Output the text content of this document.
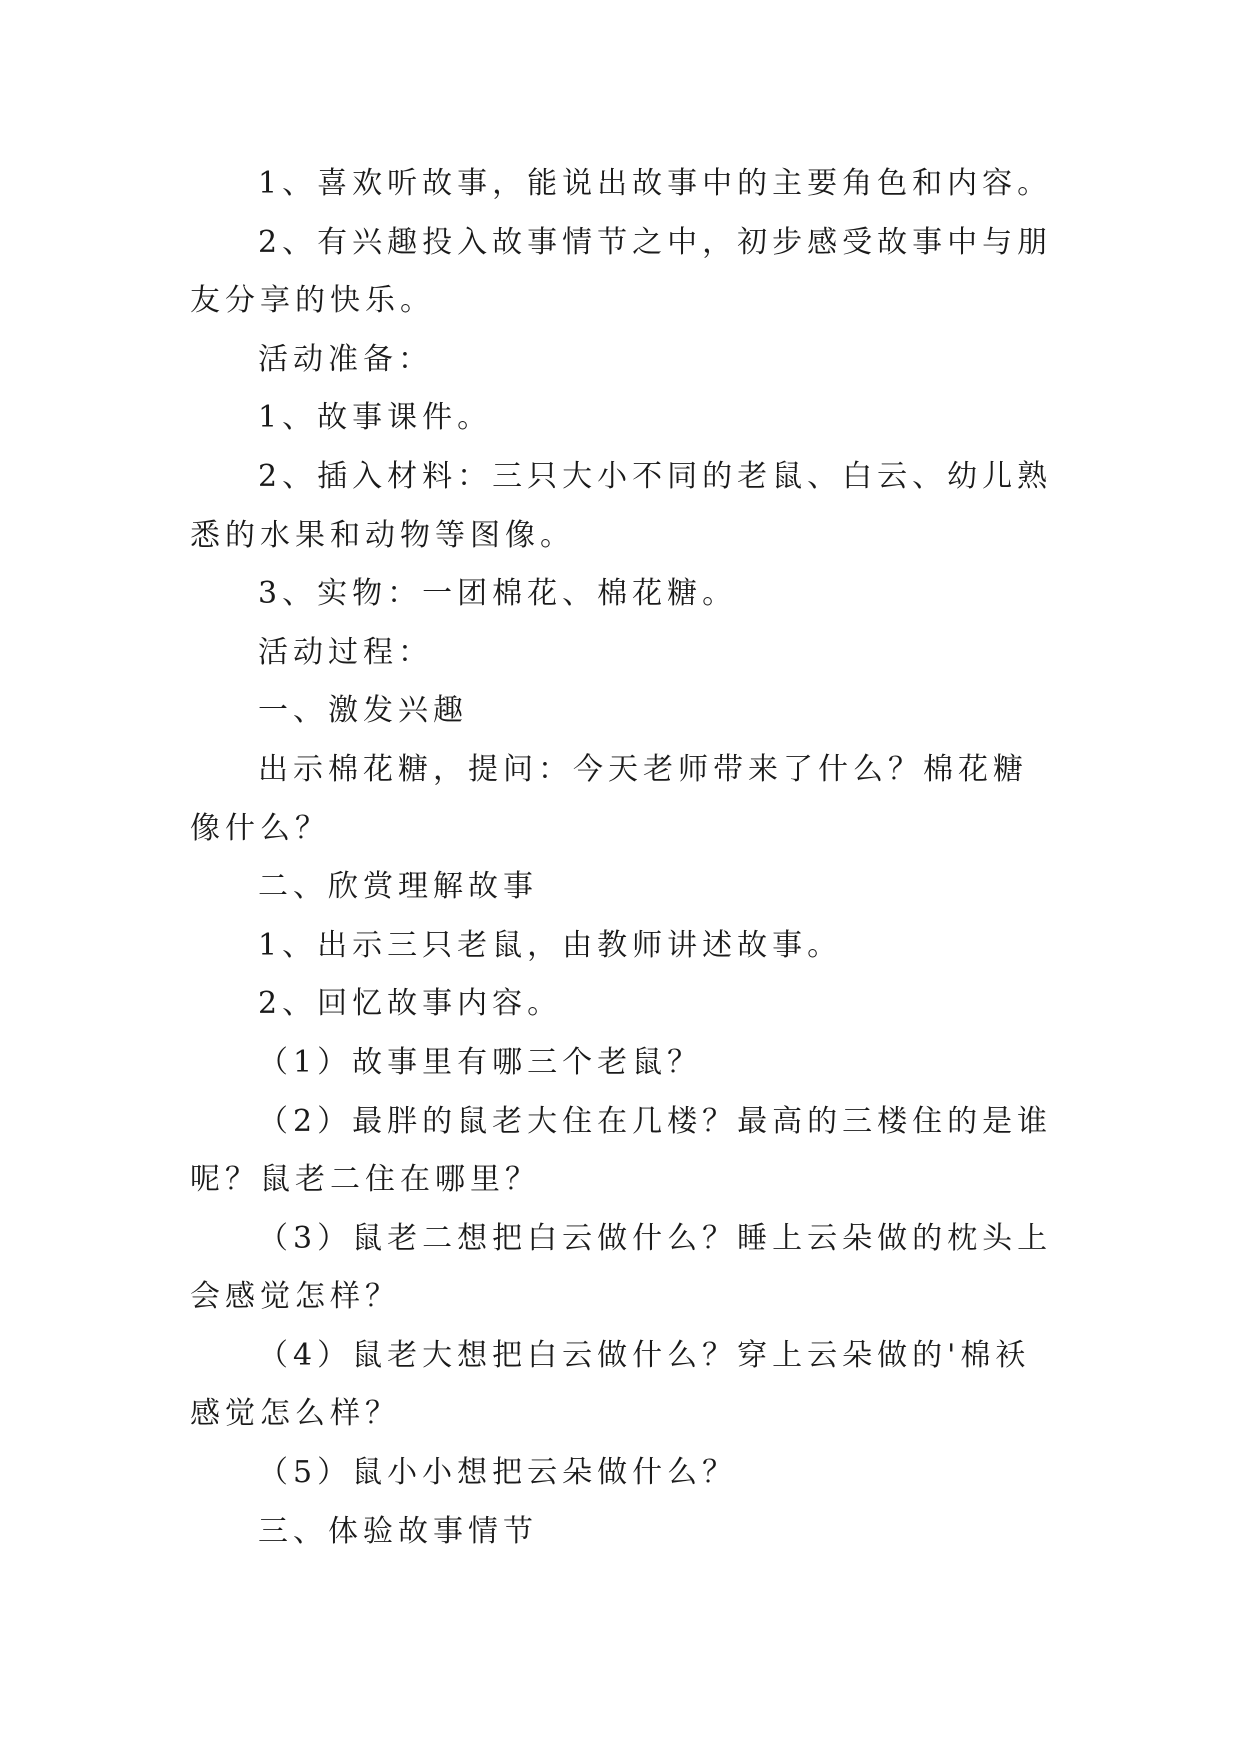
1、喜欢听故事，能说出故事中的主要角色和内容。

2、有兴趣投入故事情节之中，初步感受故事中与朋友分享的快乐。

活动准备：

1、故事课件。

2、插入材料：三只大小不同的老鼠、白云、幼儿熟悉的水果和动物等图像。

3、实物：一团棉花、棉花糖。

活动过程：

一、激发兴趣

出示棉花糖，提问：今天老师带来了什么？棉花糖像什么？

二、欣赏理解故事

1、出示三只老鼠，由教师讲述故事。

2、回忆故事内容。

（1）故事里有哪三个老鼠？

（2）最胖的鼠老大住在几楼？最高的三楼住的是谁呢？鼠老二住在哪里？

（3）鼠老二想把白云做什么？睡上云朵做的枕头上会感觉怎样？

（4）鼠老大想把白云做什么？穿上云朵做的'棉袄感觉怎么样？

（5）鼠小小想把云朵做什么？

三、体验故事情节
